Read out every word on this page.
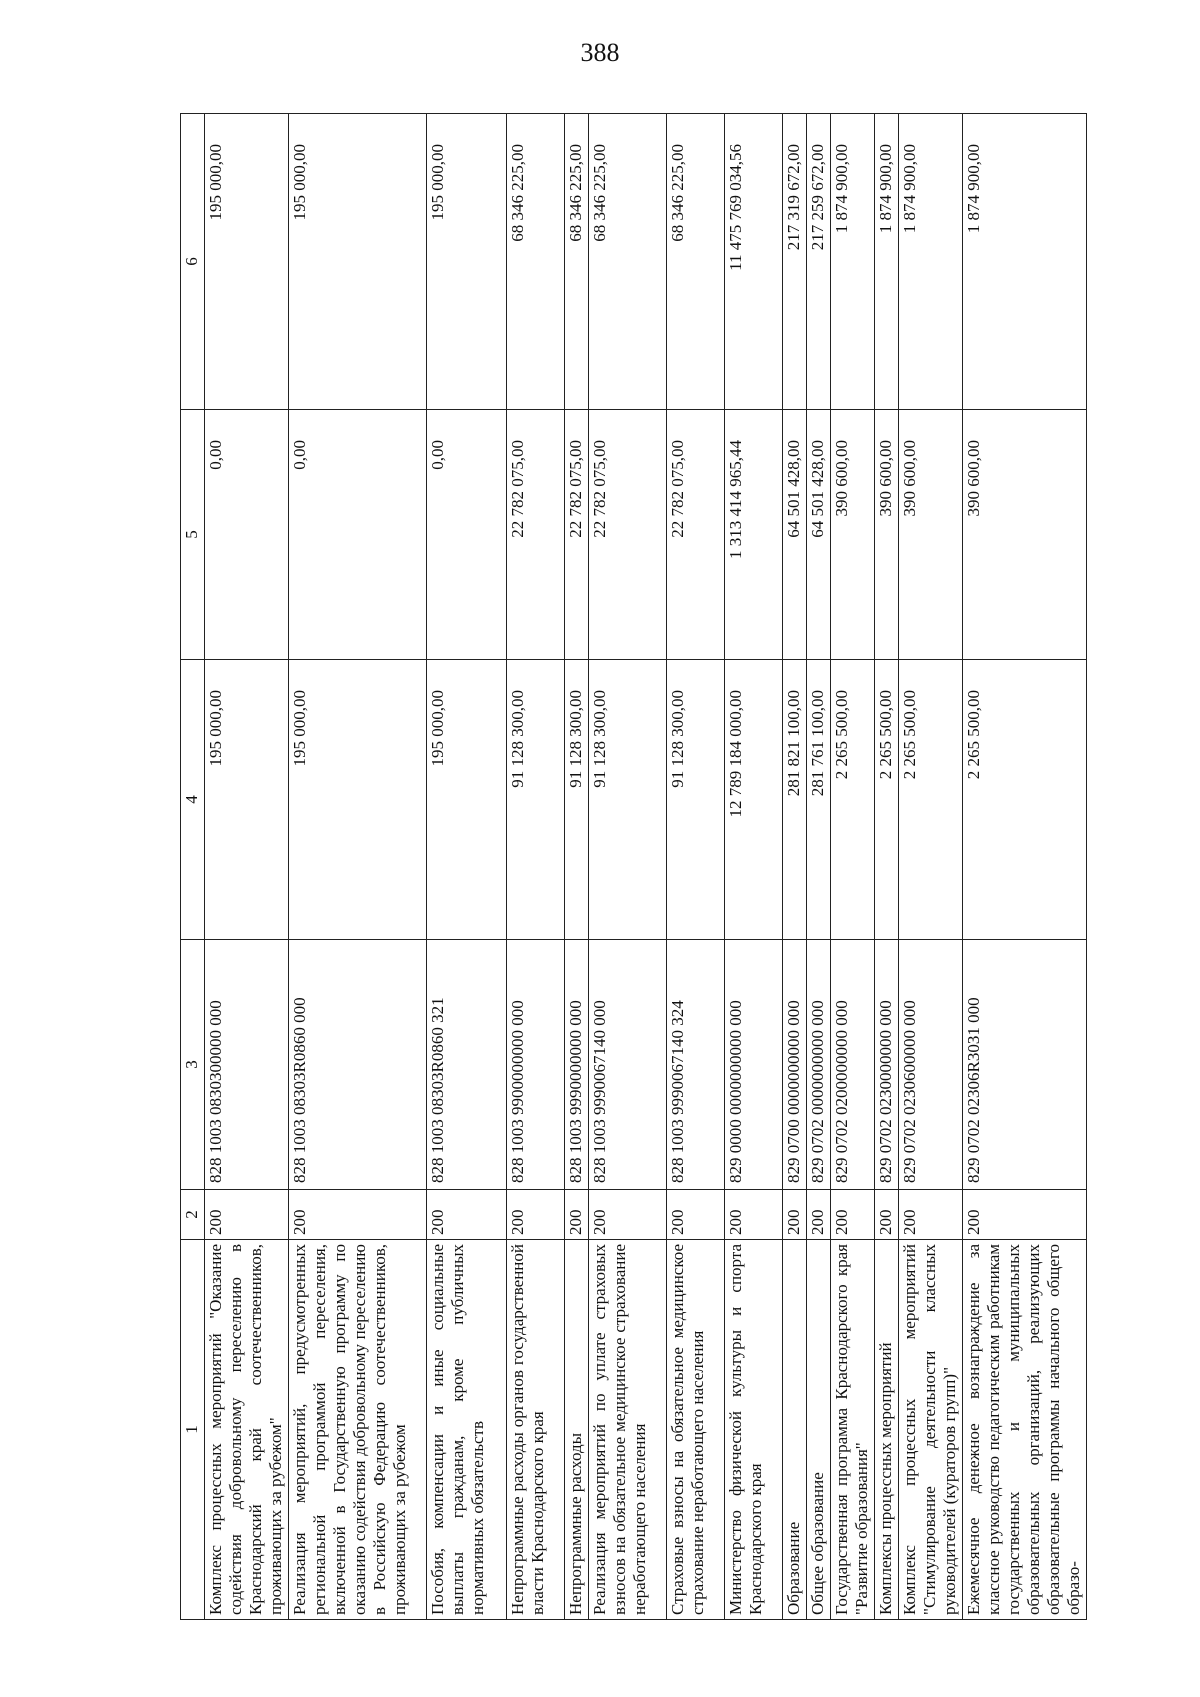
388
1	2	3	4	5	6
Комплекс процессных мероприятий "Оказание содействия добровольному переселению в Краснодарский край соотечественников, проживающих за рубежом"	200	828 1003 0830300000 000	195 000,00	0,00	195 000,00
Реализация мероприятий, предусмотренных региональной программой переселения, включенной в Государственную программу по оказанию содействия добровольному переселению в Российскую Федерацию соотечественников, проживающих за рубежом	200	828 1003 08303R0860 000	195 000,00	0,00	195 000,00
Пособия, компенсации и иные социальные выплаты гражданам, кроме публичных нормативных обязательств	200	828 1003 08303R0860 321	195 000,00	0,00	195 000,00
Непрограммные расходы органов государственной власти Краснодарского края	200	828 1003 9900000000 000	91 128 300,00	22 782 075,00	68 346 225,00
Непрограммные расходы	200	828 1003 9990000000 000	91 128 300,00	22 782 075,00	68 346 225,00
Реализация мероприятий по уплате страховых взносов на обязательное медицинское страхование неработающего населения	200	828 1003 9990067140 000	91 128 300,00	22 782 075,00	68 346 225,00
Страховые взносы на обязательное медицинское страхование неработающего населения	200	828 1003 9990067140 324	91 128 300,00	22 782 075,00	68 346 225,00
Министерство физической культуры и спорта Краснодарского края	200	829 0000 0000000000 000	12 789 184 000,00	1 313 414 965,44	11 475 769 034,56
Образование	200	829 0700 0000000000 000	281 821 100,00	64 501 428,00	217 319 672,00
Общее образование	200	829 0702 0000000000 000	281 761 100,00	64 501 428,00	217 259 672,00
Государственная программа Краснодарского края "Развитие образования"	200	829 0702 0200000000 000	2 265 500,00	390 600,00	1 874 900,00
Комплексы процессных мероприятий	200	829 0702 0230000000 000	2 265 500,00	390 600,00	1 874 900,00
Комплекс процессных мероприятий "Стимулирование деятельности классных руководителей (кураторов групп)"	200	829 0702 0230600000 000	2 265 500,00	390 600,00	1 874 900,00
Ежемесячное денежное вознаграждение за классное руководство педагогическим работникам государственных и муниципальных образовательных организаций, реализующих образовательные программы начального общего образо-	200	829 0702 02306R3031 000	2 265 500,00	390 600,00	1 874 900,00
